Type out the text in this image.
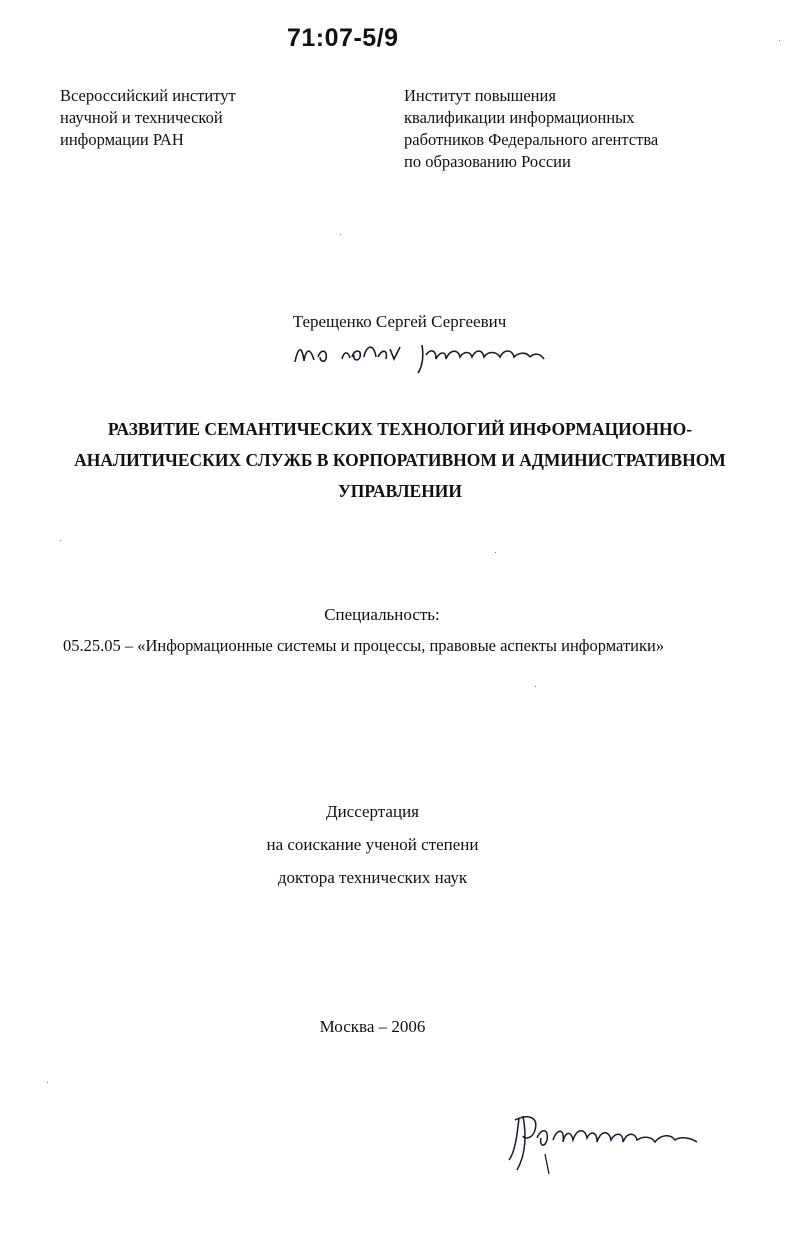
71:07-5/9
Всероссийский институт
научной и технической
информации РАН
Институт повышения
квалификации информационных
работников Федерального агентства
по образованию России
Терещенко Сергей Сергеевич
РАЗВИТИЕ СЕМАНТИЧЕСКИХ ТЕХНОЛОГИЙ ИНФОРМАЦИОННО-
АНАЛИТИЧЕСКИХ СЛУЖБ В КОРПОРАТИВНОМ И АДМИНИСТРАТИВНОМ
УПРАВЛЕНИИ
Специальность:
05.25.05 – «Информационные системы и процессы, правовые аспекты информатики»
Диссертация
на соискание ученой степени
доктора технических наук
Москва – 2006
